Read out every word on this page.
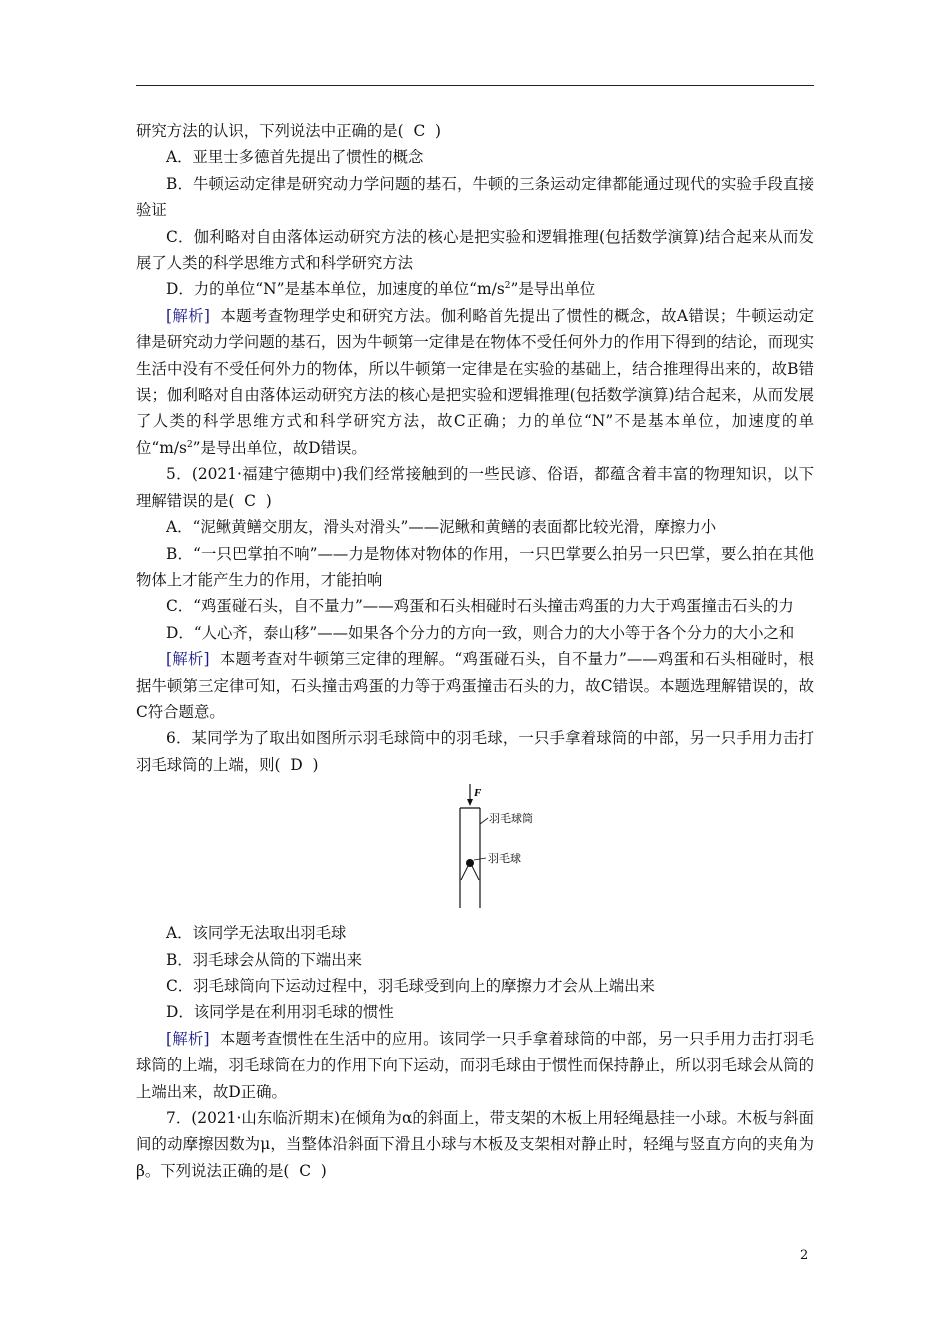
研究方法的认识，下列说法中正确的是( C )

A．亚里士多德首先提出了惯性的概念

B．牛顿运动定律是研究动力学问题的基石，牛顿的三条运动定律都能通过现代的实验手段直接验证

C．伽利略对自由落体运动研究方法的核心是把实验和逻辑推理(包括数学演算)结合起来从而发展了人类的科学思维方式和科学研究方法

D．力的单位“N”是基本单位，加速度的单位“$m/s^2$”是导出单位

[解析] 本题考查物理学史和研究方法。伽利略首先提出了惯性的概念，故A错误；牛顿运动定律是研究动力学问题的基石，因为牛顿第一定律是在物体不受任何外力的作用下得到的结论，而现实生活中没有不受任何外力的物体，所以牛顿第一定律是在实验的基础上，结合推理得出来的，故B错误；伽利略对自由落体运动研究方法的核心是把实验和逻辑推理(包括数学演算)结合起来，从而发展了人类的科学思维方式和科学研究方法，故C正确；力的单位“N”不是基本单位，加速度的单位“$m/s^2$”是导出单位，故D错误。

5．(2021·福建宁德期中)我们经常接触到的一些民谚、俗语，都蕴含着丰富的物理知识，以下理解错误的是( C )

A．“泥鳅黄鳝交朋友，滑头对滑头”——泥鳅和黄鳝的表面都比较光滑，摩擦力小

B．“一只巴掌拍不响”——力是物体对物体的作用，一只巴掌要么拍另一只巴掌，要么拍在其他物体上才能产生力的作用，才能拍响

C．“鸡蛋碰石头，自不量力”——鸡蛋和石头相碰时石头撞击鸡蛋的力大于鸡蛋撞击石头的力

D．“人心齐，泰山移”——如果各个分力的方向一致，则合力的大小等于各个分力的大小之和

[解析] 本题考查对牛顿第三定律的理解。“鸡蛋碰石头，自不量力”——鸡蛋和石头相碰时，根据牛顿第三定律可知，石头撞击鸡蛋的力等于鸡蛋撞击石头的力，故C错误。本题选理解错误的，故C符合题意。

6．某同学为了取出如图所示羽毛球筒中的羽毛球，一只手拿着球筒的中部，另一只手用力击打羽毛球筒的上端，则( D )

F
羽毛球筒
羽毛球

A．该同学无法取出羽毛球

B．羽毛球会从筒的下端出来

C．羽毛球筒向下运动过程中，羽毛球受到向上的摩擦力才会从上端出来

D．该同学是在利用羽毛球的惯性

[解析] 本题考查惯性在生活中的应用。该同学一只手拿着球筒的中部，另一只手用力击打羽毛球筒的上端，羽毛球筒在力的作用下向下运动，而羽毛球由于惯性而保持静止，所以羽毛球会从筒的上端出来，故D正确。

7．(2021·山东临沂期末)在倾角为α的斜面上，带支架的木板上用轻绳悬挂一小球。木板与斜面间的动摩擦因数为μ，当整体沿斜面下滑且小球与木板及支架相对静止时，轻绳与竖直方向的夹角为β。下列说法正确的是( C )

2
